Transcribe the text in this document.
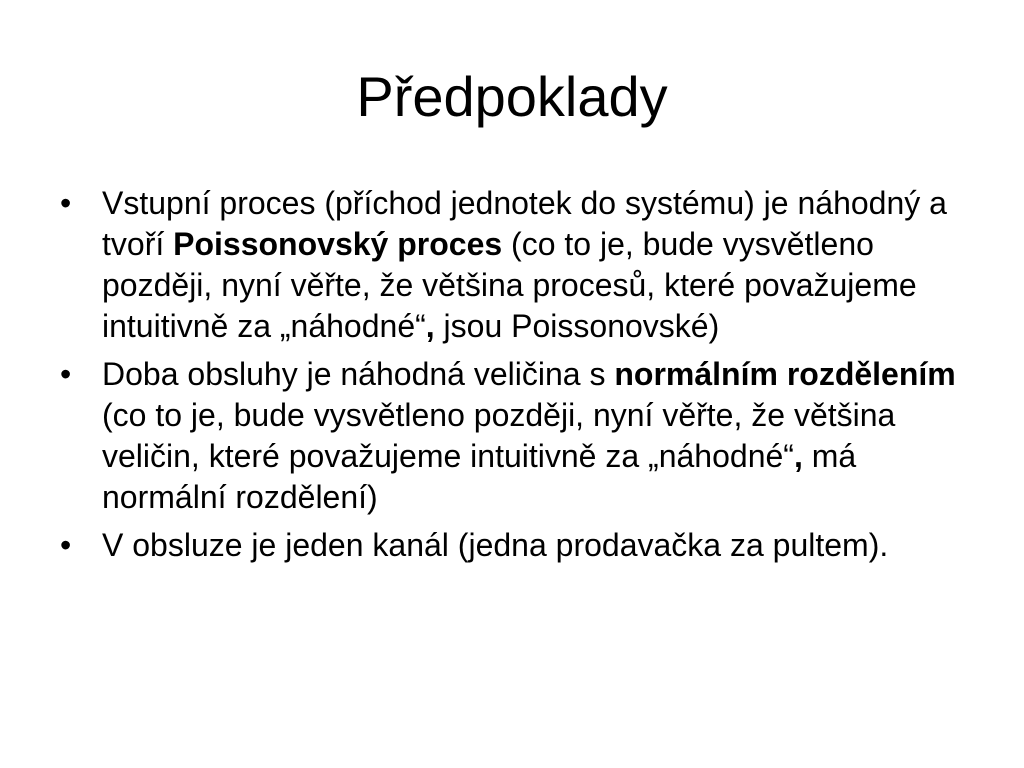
Předpoklady
• Vstupní proces (příchod jednotek do systému) je náhodný a tvoří Poissonovský proces (co to je, bude vysvětleno později, nyní věřte, že většina procesů, které považujeme intuitivně za „náhodné“, jsou Poissonovské)
• Doba obsluhy je náhodná veličina s normálním rozdělením (co to je, bude vysvětleno později, nyní věřte, že většina veličin, které považujeme intuitivně za „náhodné“, má normální rozdělení)
• V obsluze je jeden kanál (jedna prodavačka za pultem).
